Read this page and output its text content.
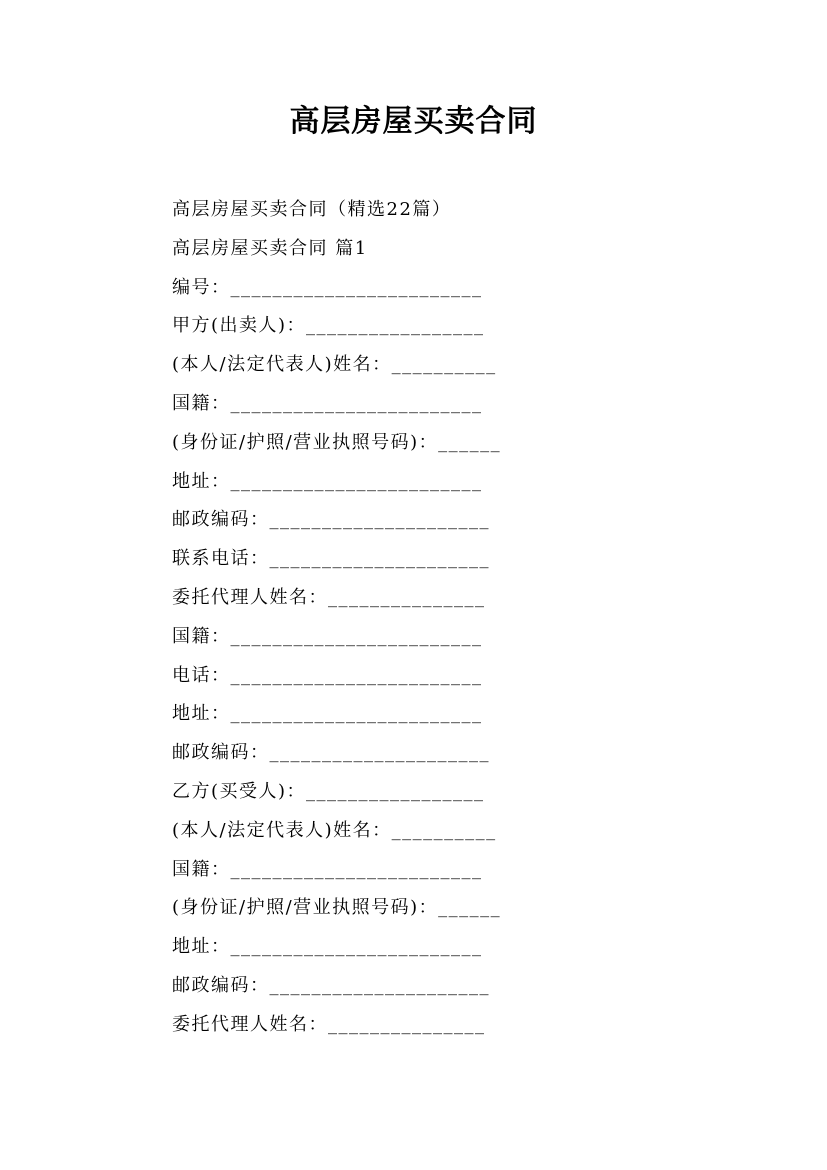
高层房屋买卖合同
高层房屋买卖合同（精选22篇）
高层房屋买卖合同 篇1
编号：________________________
甲方(出卖人)：_________________
(本人/法定代表人)姓名：__________
国籍：________________________
(身份证/护照/营业执照号码)：______
地址：________________________
邮政编码：_____________________
联系电话：_____________________
委托代理人姓名：_______________
国籍：________________________
电话：________________________
地址：________________________
邮政编码：_____________________
乙方(买受人)：_________________
(本人/法定代表人)姓名：__________
国籍：________________________
(身份证/护照/营业执照号码)：______
地址：________________________
邮政编码：_____________________
委托代理人姓名：_______________
